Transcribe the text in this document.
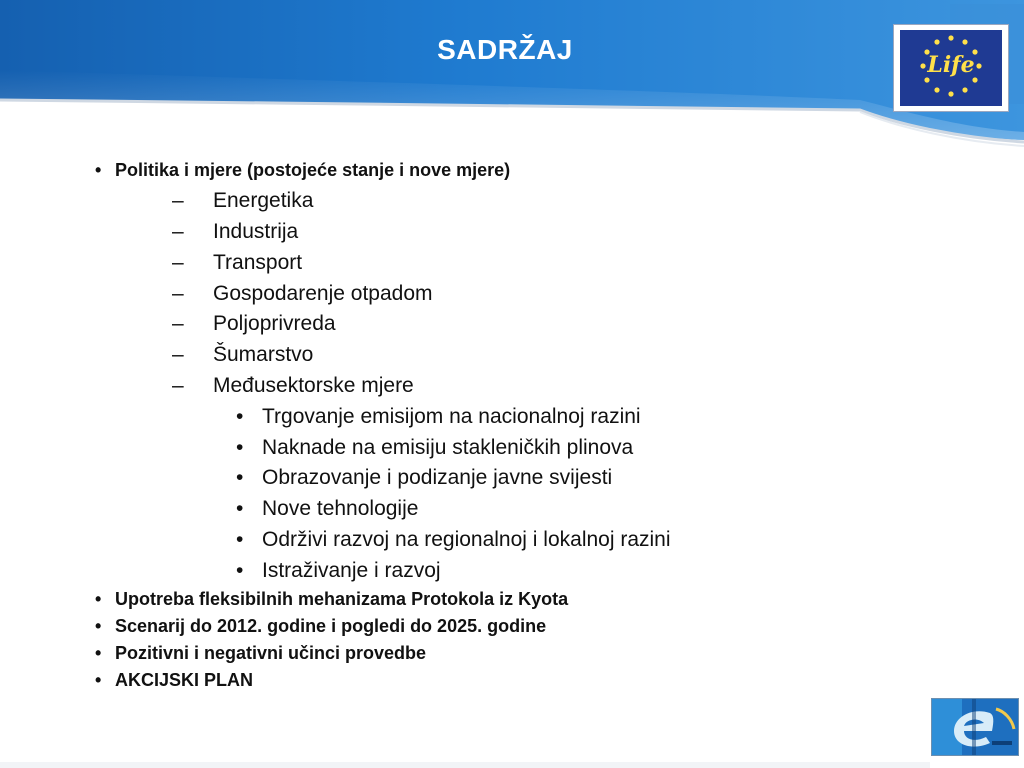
SADRŽAJ	Life
• Politika i mjere (postojeće stanje i nove mjere)
– Energetika
– Industrija
– Transport
– Gospodarenje otpadom
– Poljoprivreda
– Šumarstvo
– Međusektorske mjere
• Trgovanje emisijom na nacionalnoj razini
• Naknade na emisiju stakleničkih plinova
• Obrazovanje i podizanje javne svijesti
• Nove tehnologije
• Održivi razvoj na regionalnoj i lokalnoj razini
• Istraživanje i razvoj
• Upotreba fleksibilnih mehanizama Protokola iz Kyota
• Scenarij do 2012. godine i pogledi do 2025. godine
• Pozitivni i negativni učinci provedbe
• AKCIJSKI PLAN
